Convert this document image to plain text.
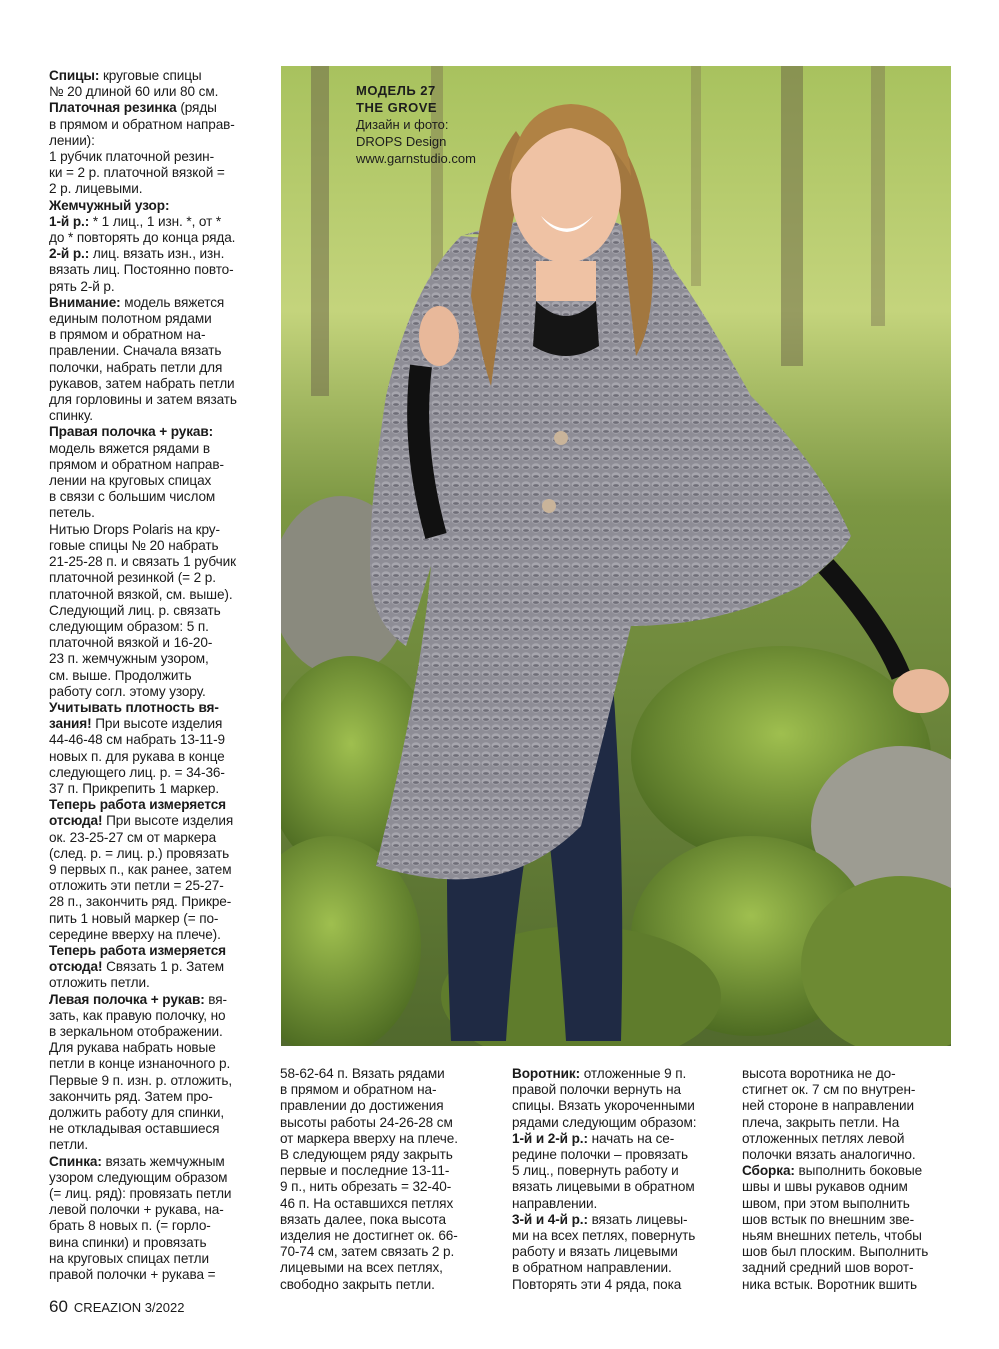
Спицы: круговые спицы
№ 20 длиной 60 или 80 см.
Платочная резинка (ряды
в прямом и обратном направ-
лении):
1 рубчик платочной резин-
ки = 2 р. платочной вязкой =
2 р. лицевыми.
Жемчужный узор:
1-й р.: * 1 лиц., 1 изн. *, от *
до * повторять до конца ряда.
2-й р.: лиц. вязать изн., изн.
вязать лиц. Постоянно повто-
рять 2-й р.
Внимание: модель вяжется
единым полотном рядами
в прямом и обратном на-
правлении. Сначала вязать
полочки, набрать петли для
рукавов, затем набрать петли
для горловины и затем вязать
спинку.
Правая полочка + рукав:
модель вяжется рядами в
прямом и обратном направ-
лении на круговых спицах
в связи с большим числом
петель.
Нитью Drops Polaris на кру-
говые спицы № 20 набрать
21-25-28 п. и связать 1 рубчик
платочной резинкой (= 2 р.
платочной вязкой, см. выше).
Следующий лиц. р. связать
следующим образом: 5 п.
платочной вязкой и 16-20-
23 п. жемчужным узором,
см. выше. Продолжить
работу согл. этому узору.
Учитывать плотность вя-
зания! При высоте изделия
44-46-48 см набрать 13-11-9
новых п. для рукава в конце
следующего лиц. р. = 34-36-
37 п. Прикрепить 1 маркер.
Теперь работа измеряется
отсюда! При высоте изделия
ок. 23-25-27 см от маркера
(след. р. = лиц. р.) провязать
9 первых п., как ранее, затем
отложить эти петли = 25-27-
28 п., закончить ряд. Прикре-
пить 1 новый маркер (= по-
середине вверху на плече).
Теперь работа измеряется
отсюда! Связать 1 р. Затем
отложить петли.
Левая полочка + рукав: вя-
зать, как правую полочку, но
в зеркальном отображении.
Для рукава набрать новые
петли в конце изнаночного р.
Первые 9 п. изн. р. отложить,
закончить ряд. Затем про-
должить работу для спинки,
не откладывая оставшиеся
петли.
Спинка: вязать жемчужным
узором следующим образом
(= лиц. ряд): провязать петли
левой полочки + рукава, на-
брать 8 новых п. (= горло-
вина спинки) и провязать
на круговых спицах петли
правой полочки + рукава =
МОДЕЛЬ 27
THE GROVE
Дизайн и фото:
DROPS Design
www.garnstudio.com
58-62-64 п. Вязать рядами
в прямом и обратном на-
правлении до достижения
высоты работы 24-26-28 см
от маркера вверху на плече.
В следующем ряду закрыть
первые и последние 13-11-
9 п., нить обрезать = 32-40-
46 п. На оставшихся петлях
вязать далее, пока высота
изделия не достигнет ок. 66-
70-74 см, затем связать 2 р.
лицевыми на всех петлях,
свободно закрыть петли.
Воротник: отложенные 9 п.
правой полочки вернуть на
спицы. Вязать укороченными
рядами следующим образом:
1-й и 2-й р.: начать на се-
редине полочки – провязать
5 лиц., повернуть работу и
вязать лицевыми в обратном
направлении.
3-й и 4-й р.: вязать лицевы-
ми на всех петлях, повернуть
работу и вязать лицевыми
в обратном направлении.
Повторять эти 4 ряда, пока
высота воротника не до-
стигнет ок. 7 см по внутрен-
ней стороне в направлении
плеча, закрыть петли. На
отложенных петлях левой
полочки вязать аналогично.
Сборка: выполнить боковые
швы и швы рукавов одним
швом, при этом выполнить
шов встык по внешним зве-
ньям внешних петель, чтобы
шов был плоским. Выполнить
задний средний шов ворот-
ника встык. Воротник вшить
60 CREAZION 3/2022
